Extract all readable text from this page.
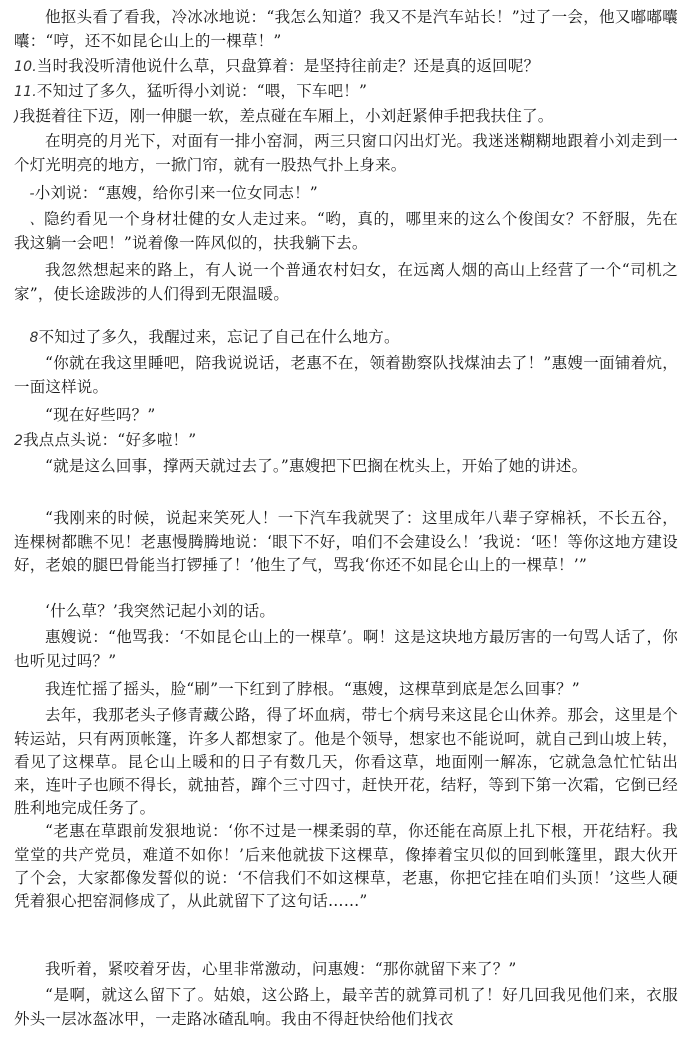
他抠头看了看我，冷冰冰地说：“我怎么知道？我又不是汽车站长！”过了一会，他又嘟嘟囔囔：“哼，还不如昆仑山上的一棵草！”
10.当时我没听清他说什么草，只盘算着：是坚持往前走？还是真的返回呢？
11.不知过了多久，猛听得小刘说：“喂，下车吧！”
)我挺着往下迈，刚一伸腿一软，差点碰在车厢上，小刘赶紧伸手把我扶住了。
在明亮的月光下，对面有一排小窑洞，两三只窗口闪出灯光。我迷迷糊糊地跟着小刘走到一个灯光明亮的地方，一掀门帘，就有一股热气扑上身来。
-小刘说：“惠嫂，给你引来一位女同志！”
、隐约看见一个身材壮健的女人走过来。“哟，真的，哪里来的这么个俊闺女？不舒服，先在我这躺一会吧！”说着像一阵风似的，扶我躺下去。
我忽然想起来的路上，有人说一个普通农村妇女，在远离人烟的高山上经营了一个“司机之家”，使长途跋涉的人们得到无限温暖。
8不知过了多久，我醒过来，忘记了自己在什么地方。
“你就在我这里睡吧，陪我说说话，老惠不在，领着勘察队找煤油去了！”惠嫂一面铺着炕，一面这样说。
“现在好些吗？”
2我点点头说：“好多啦！”
“就是这么回事，撑两天就过去了。”惠嫂把下巴搁在枕头上，开始了她的讲述。
“我刚来的时候，说起来笑死人！一下汽车我就哭了：这里成年八辈子穿棉袄，不长五谷，连棵树都瞧不见！老惠慢腾腾地说：‘眼下不好，咱们不会建设么！’我说：‘呸！等你这地方建设好，老娘的腿巴骨能当打锣捶了！’他生了气，骂我‘你还不如昆仑山上的一棵草！’”
‘什么草？’我突然记起小刘的话。
惠嫂说：“他骂我：‘不如昆仑山上的一棵草’。啊！这是这块地方最厉害的一句骂人话了，你也听见过吗？”
我连忙摇了摇头，脸“刷”一下红到了脖根。“惠嫂，这棵草到底是怎么回事？”
去年，我那老头子修青藏公路，得了坏血病，带七个病号来这昆仑山休养。那会，这里是个转运站，只有两顶帐篷，许多人都想家了。他是个领导，想家也不能说呵，就自己到山坡上转，看见了这棵草。昆仑山上暖和的日子有数几天，你看这草，地面刚一解冻，它就急急忙忙钻出来，连叶子也顾不得长，就抽苔，蹿个三寸四寸，赶快开花，结籽，等到下第一次霜，它倒已经胜利地完成任务了。
“老惠在草跟前发狠地说：‘你不过是一棵柔弱的草，你还能在高原上扎下根，开花结籽。我堂堂的共产党员，难道不如你！’后来他就拔下这棵草，像捧着宝贝似的回到帐篷里，跟大伙开了个会，大家都像发誓似的说：‘不信我们不如这棵草，老惠，你把它挂在咱们头顶！’这些人硬凭着狠心把窑洞修成了，从此就留下了这句话……”
我听着，紧咬着牙齿，心里非常激动，问惠嫂：“那你就留下来了？”
“是啊，就这么留下了。姑娘，这公路上，最辛苦的就算司机了！好几回我见他们来，衣服外头一层冰盔冰甲，一走路冰碴乱响。我由不得赶快给他们找衣
